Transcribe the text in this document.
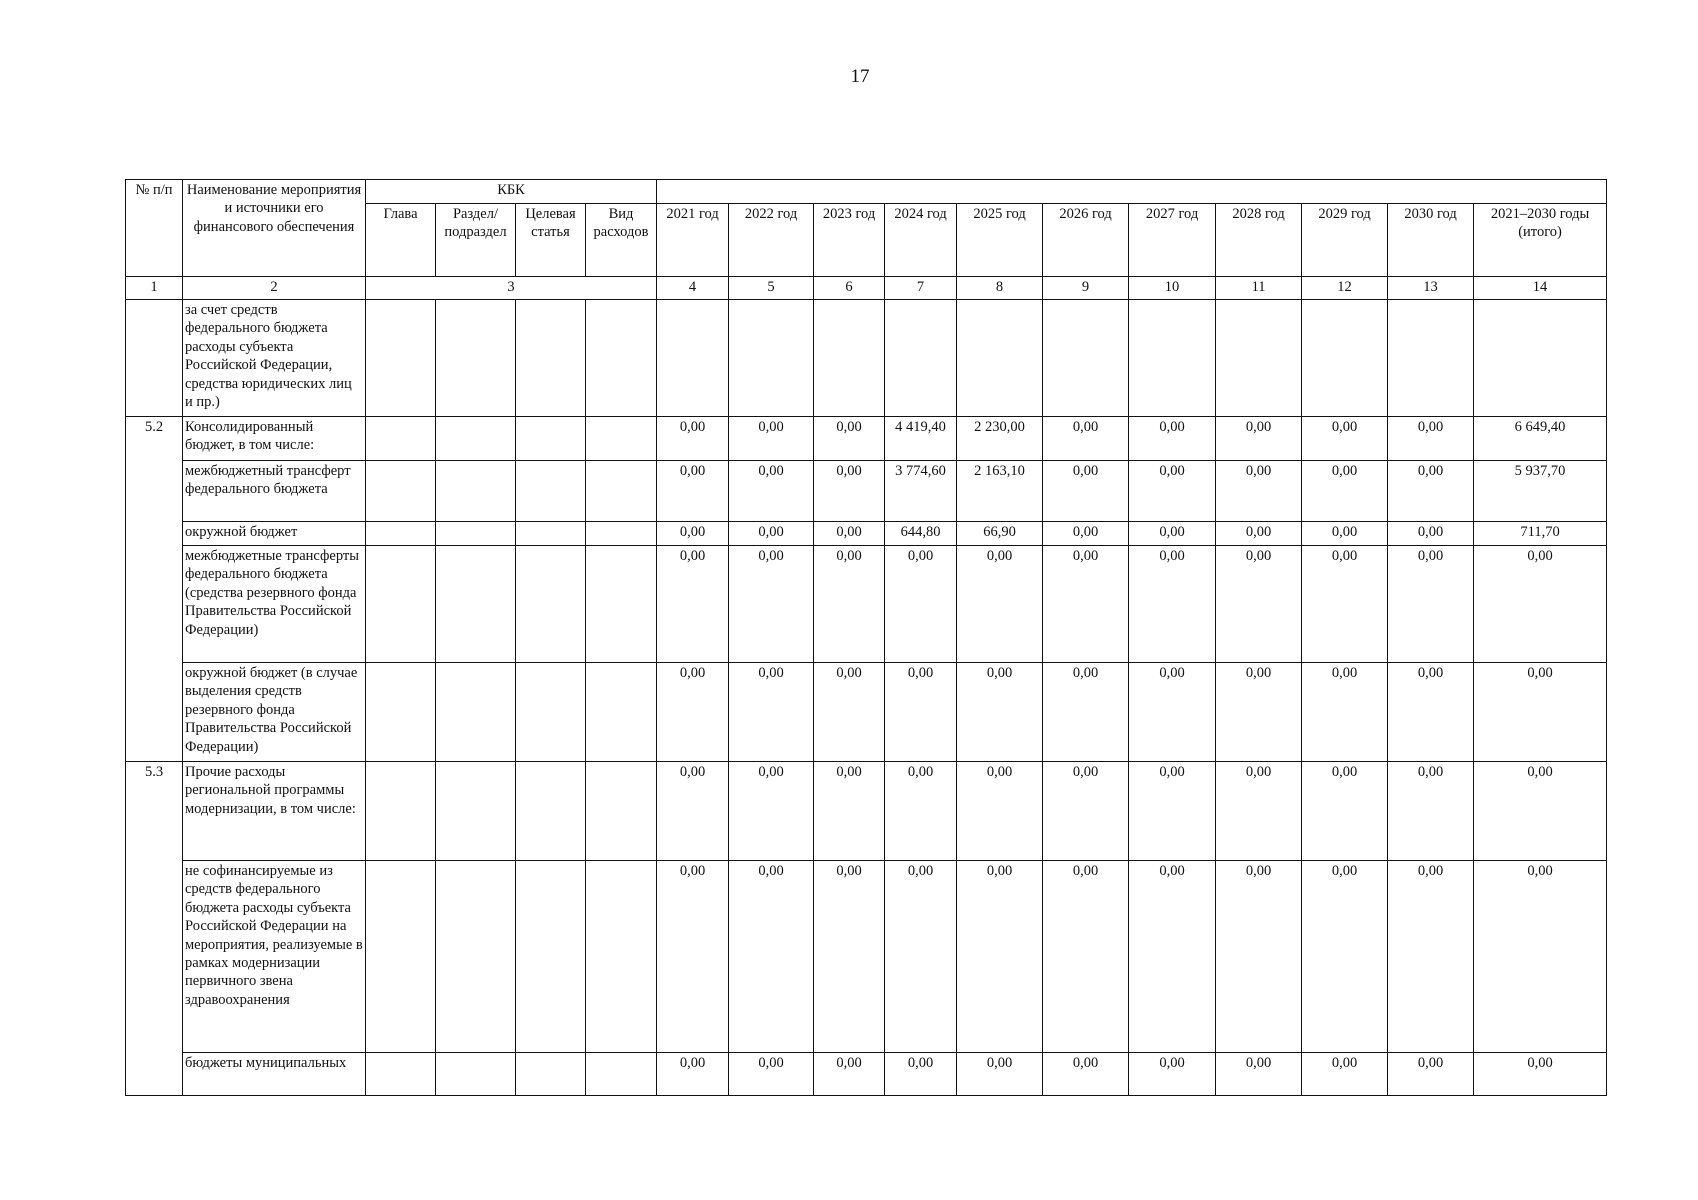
17
№ п/п	Наименование мероприятия и источники его финансового обеспечения	КБК														
		Глава	Раздел/ подраздел	Целевая статья	Вид расходов	2021 год	2022 год	2023 год	2024 год	2025 год	2026 год	2027 год	2028 год	2029 год	2030 год	2021–2030 годы (итого)
1	2	3				4	5	6	7	8	9	10	11	12	13	14
	за счет средств федерального бюджета расходы субъекта Российской Федерации, средства юридических лиц и пр.)															
5.2	Консолидированный бюджет, в том числе:					0,00	0,00	0,00	4 419,40	2 230,00	0,00	0,00	0,00	0,00	0,00	6 649,40
	межбюджетный трансферт федерального бюджета					0,00	0,00	0,00	3 774,60	2 163,10	0,00	0,00	0,00	0,00	0,00	5 937,70
	окружной бюджет					0,00	0,00	0,00	644,80	66,90	0,00	0,00	0,00	0,00	0,00	711,70
	межбюджетные трансферты федерального бюджета (средства резервного фонда Правительства Российской Федерации)					0,00	0,00	0,00	0,00	0,00	0,00	0,00	0,00	0,00	0,00	0,00
	окружной бюджет (в случае выделения средств резервного фонда Правительства Российской Федерации)					0,00	0,00	0,00	0,00	0,00	0,00	0,00	0,00	0,00	0,00	0,00
5.3	Прочие расходы региональной программы модернизации, в том числе:					0,00	0,00	0,00	0,00	0,00	0,00	0,00	0,00	0,00	0,00	0,00
	не софинансируемые из средств федерального бюджета расходы субъекта Российской Федерации на мероприятия, реализуемые в рамках модернизации первичного звена здравоохранения					0,00	0,00	0,00	0,00	0,00	0,00	0,00	0,00	0,00	0,00	0,00
	бюджеты муниципальных					0,00	0,00	0,00	0,00	0,00	0,00	0,00	0,00	0,00	0,00	0,00
